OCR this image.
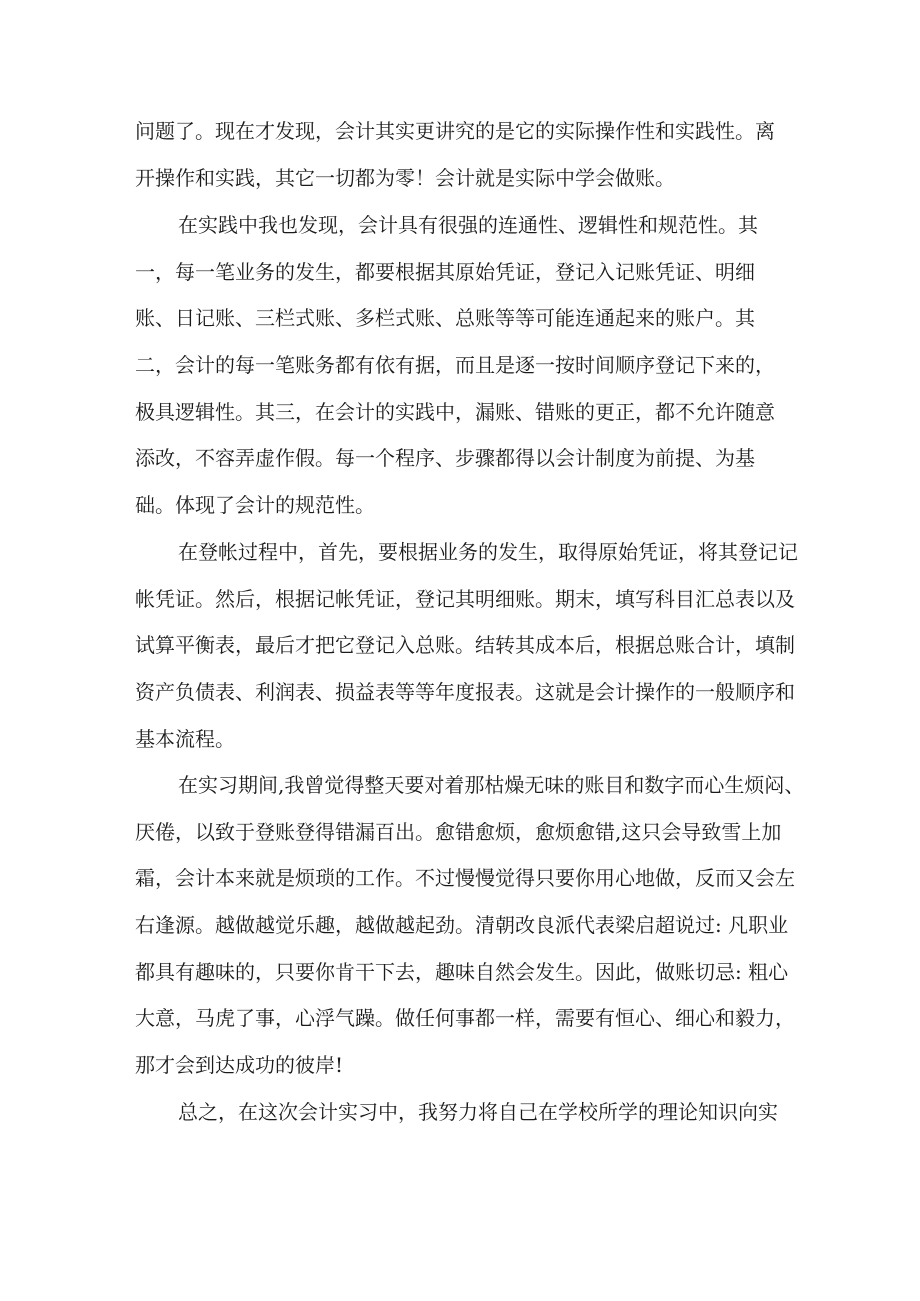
问题了。现在才发现，会计其实更讲究的是它的实际操作性和实践性。离

开操作和实践，其它一切都为零！会计就是实际中学会做账。

在实践中我也发现，会计具有很强的连通性、逻辑性和规范性。其

一，每一笔业务的发生，都要根据其原始凭证，登记入记账凭证、明细

账、日记账、三栏式账、多栏式账、总账等等可能连通起来的账户。其

二，会计的每一笔账务都有依有据，而且是逐一按时间顺序登记下来的，

极具逻辑性。其三，在会计的实践中，漏账、错账的更正，都不允许随意

添改，不容弄虚作假。每一个程序、步骤都得以会计制度为前提、为基

础。体现了会计的规范性。

在登帐过程中，首先，要根据业务的发生，取得原始凭证，将其登记记

帐凭证。然后，根据记帐凭证，登记其明细账。期末，填写科目汇总表以及

试算平衡表，最后才把它登记入总账。结转其成本后，根据总账合计，填制

资产负债表、利润表、损益表等等年度报表。这就是会计操作的一般顺序和

基本流程。

在实习期间,我曾觉得整天要对着那枯燥无味的账目和数字而心生烦闷、

厌倦，以致于登账登得错漏百出。愈错愈烦，愈烦愈错,这只会导致雪上加

霜，会计本来就是烦琐的工作。不过慢慢觉得只要你用心地做，反而又会左

右逢源。越做越觉乐趣，越做越起劲。清朝改良派代表梁启超说过: 凡职业

都具有趣味的，只要你肯干下去，趣味自然会发生。因此，做账切忌: 粗心

大意，马虎了事，心浮气躁。做任何事都一样，需要有恒心、细心和毅力，

那才会到达成功的彼岸!

总之，在这次会计实习中，我努力将自己在学校所学的理论知识向实
